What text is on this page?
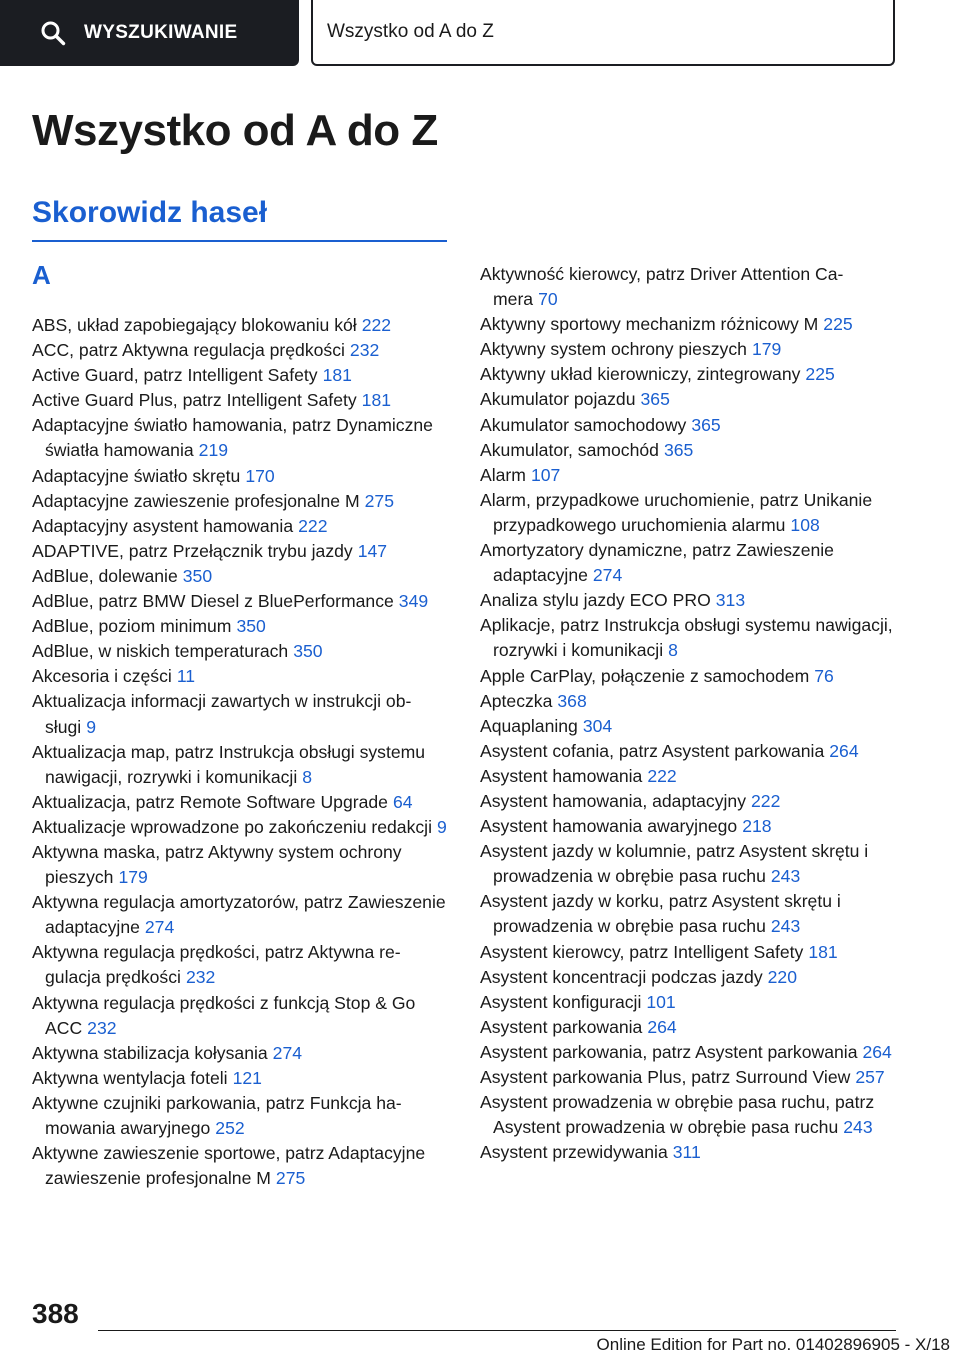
WYSZUKIWANIE	Wszystko od A do Z
Wszystko od A do Z
Skorowidz haseł
A
ABS, układ zapobiegający blokowaniu kół 222
ACC, patrz Aktywna regulacja prędkości 232
Active Guard, patrz Intelligent Safety 181
Active Guard Plus, patrz Intelligent Safety 181
Adaptacyjne światło hamowania, patrz Dynamiczne światła hamowania 219
Adaptacyjne światło skrętu 170
Adaptacyjne zawieszenie profesjonalne M 275
Adaptacyjny asystent hamowania 222
ADAPTIVE, patrz Przełącznik trybu jazdy 147
AdBlue, dolewanie 350
AdBlue, patrz BMW Diesel z BluePerformance 349
AdBlue, poziom minimum 350
AdBlue, w niskich temperaturach 350
Akcesoria i części 11
Aktualizacja informacji zawartych w instrukcji obsługi 9
Aktualizacja map, patrz Instrukcja obsługi systemu nawigacji, rozrywki i komunikacji 8
Aktualizacja, patrz Remote Software Upgrade 64
Aktualizacje wprowadzone po zakończeniu redakcji 9
Aktywna maska, patrz Aktywny system ochrony pieszych 179
Aktywna regulacja amortyzatorów, patrz Zawieszenie adaptacyjne 274
Aktywna regulacja prędkości, patrz Aktywna regulacja prędkości 232
Aktywna regulacja prędkości z funkcją Stop & Go ACC 232
Aktywna stabilizacja kołysania 274
Aktywna wentylacja foteli 121
Aktywne czujniki parkowania, patrz Funkcja hamowania awaryjnego 252
Aktywne zawieszenie sportowe, patrz Adaptacyjne zawieszenie profesjonalne M 275
Aktywność kierowcy, patrz Driver Attention Camera 70
Aktywny sportowy mechanizm różnicowy M 225
Aktywny system ochrony pieszych 179
Aktywny układ kierowniczy, zintegrowany 225
Akumulator pojazdu 365
Akumulator samochodowy 365
Akumulator, samochód 365
Alarm 107
Alarm, przypadkowe uruchomienie, patrz Unikanie przypadkowego uruchomienia alarmu 108
Amortyzatory dynamiczne, patrz Zawieszenie adaptacyjne 274
Analiza stylu jazdy ECO PRO 313
Aplikacje, patrz Instrukcja obsługi systemu nawigacji, rozrywki i komunikacji 8
Apple CarPlay, połączenie z samochodem 76
Apteczka 368
Aquaplaning 304
Asystent cofania, patrz Asystent parkowania 264
Asystent hamowania 222
Asystent hamowania, adaptacyjny 222
Asystent hamowania awaryjnego 218
Asystent jazdy w kolumnie, patrz Asystent skrętu i prowadzenia w obrębie pasa ruchu 243
Asystent jazdy w korku, patrz Asystent skrętu i prowadzenia w obrębie pasa ruchu 243
Asystent kierowcy, patrz Intelligent Safety 181
Asystent koncentracji podczas jazdy 220
Asystent konfiguracji 101
Asystent parkowania 264
Asystent parkowania, patrz Asystent parkowania 264
Asystent parkowania Plus, patrz Surround View 257
Asystent prowadzenia w obrębie pasa ruchu, patrz Asystent prowadzenia w obrębie pasa ruchu 243
Asystent przewidywania 311
388
Online Edition for Part no. 01402896905 - X/18
